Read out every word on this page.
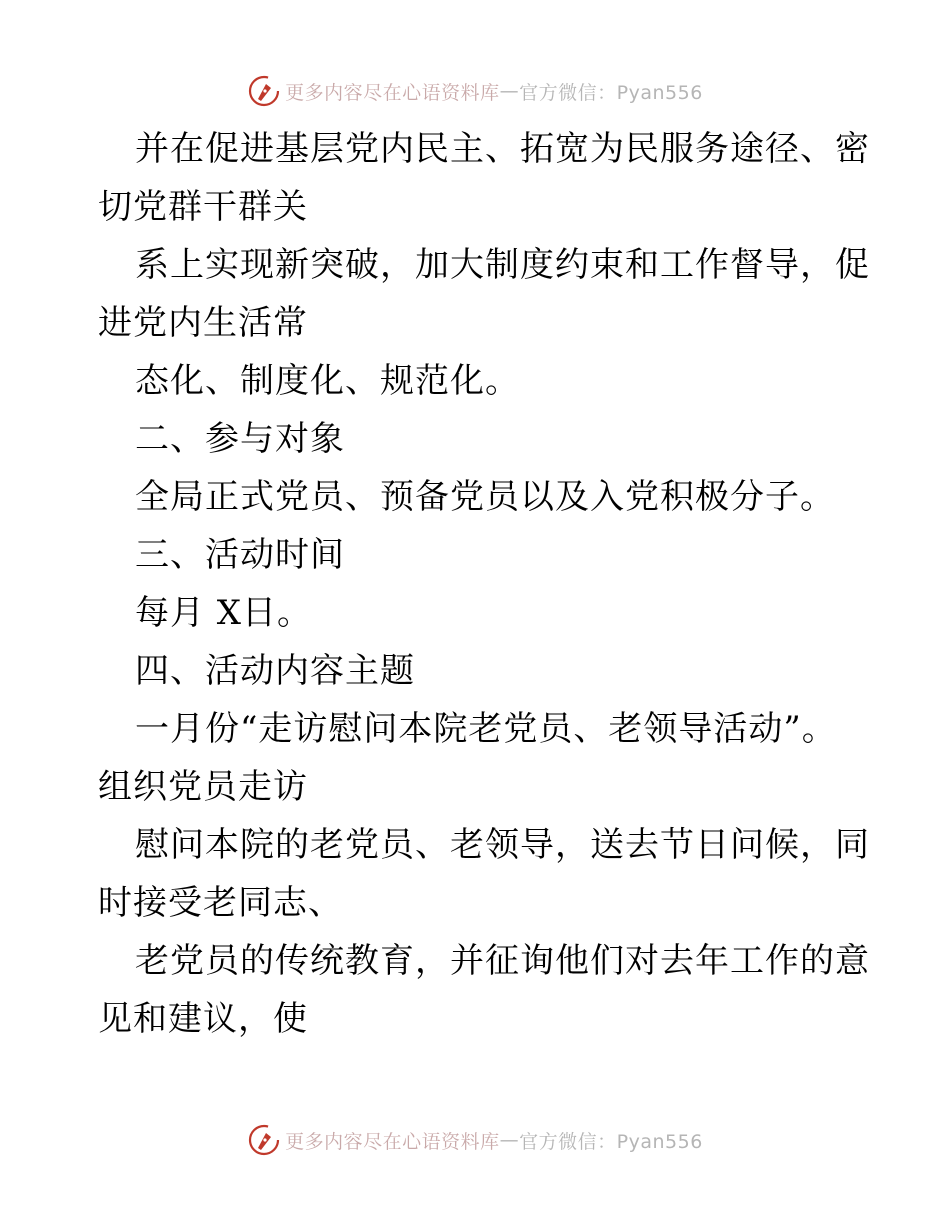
更多内容尽在心语资料库 — 官方微信：Pyan556
并在促进基层党内民主、拓宽为民服务途径、密
切党群干群关
系上实现新突破，加大制度约束和工作督导，促
进党内生活常
态化、制度化、规范化。
二、参与对象
全局正式党员、预备党员以及入党积极分子。
三、活动时间
每月 X日。
四、活动内容主题
一月份“走访慰问本院老党员、老领导活动”。
组织党员走访
慰问本院的老党员、老领导，送去节日问候，同
时接受老同志、
老党员的传统教育，并征询他们对去年工作的意
见和建议，使
更多内容尽在心语资料库 — 官方微信：Pyan556
